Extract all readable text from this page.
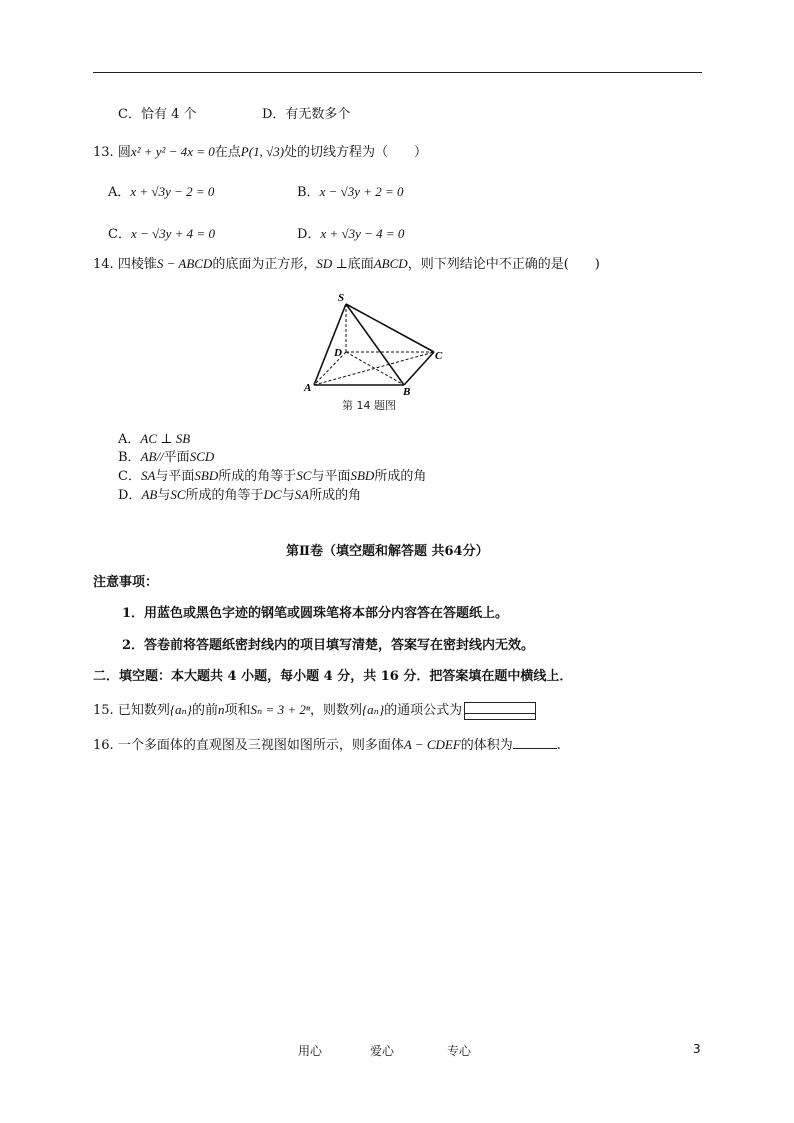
C．恰有 4 个	D．有无数多个
13. 圆x² + y² − 4x = 0在点P(1, √3)处的切线方程为（　　）
A．x + √3y − 2 = 0	B．x − √3y + 2 = 0
C．x − √3y + 4 = 0	D．x + √3y − 4 = 0
14. 四棱锥S − ABCD的底面为正方形，SD ⊥底面ABCD，则下列结论中不正确的是(　　)
S
D	C
A	B
第 14 题图
A．AC ⊥ SB
B．AB//平面SCD
C．SA与平面SBD所成的角等于SC与平面SBD所成的角
D．AB与SC所成的角等于DC与SA所成的角
第Ⅱ卷（填空题和解答题 共64分）
注意事项：
1．用蓝色或黑色字迹的钢笔或圆珠笔将本部分内容答在答题纸上。
2．答卷前将答题纸密封线内的项目填写清楚，答案写在密封线内无效。
二．填空题：本大题共 4 小题，每小题 4 分，共 16 分．把答案填在题中横线上．
15. 已知数列{aₙ}的前n项和Sₙ = 3 + 2ⁿ，则数列{aₙ}的通项公式为
16. 一个多面体的直观图及三视图如图所示，则多面体A − CDEF的体积为	.
用心	爱心	专心	3
